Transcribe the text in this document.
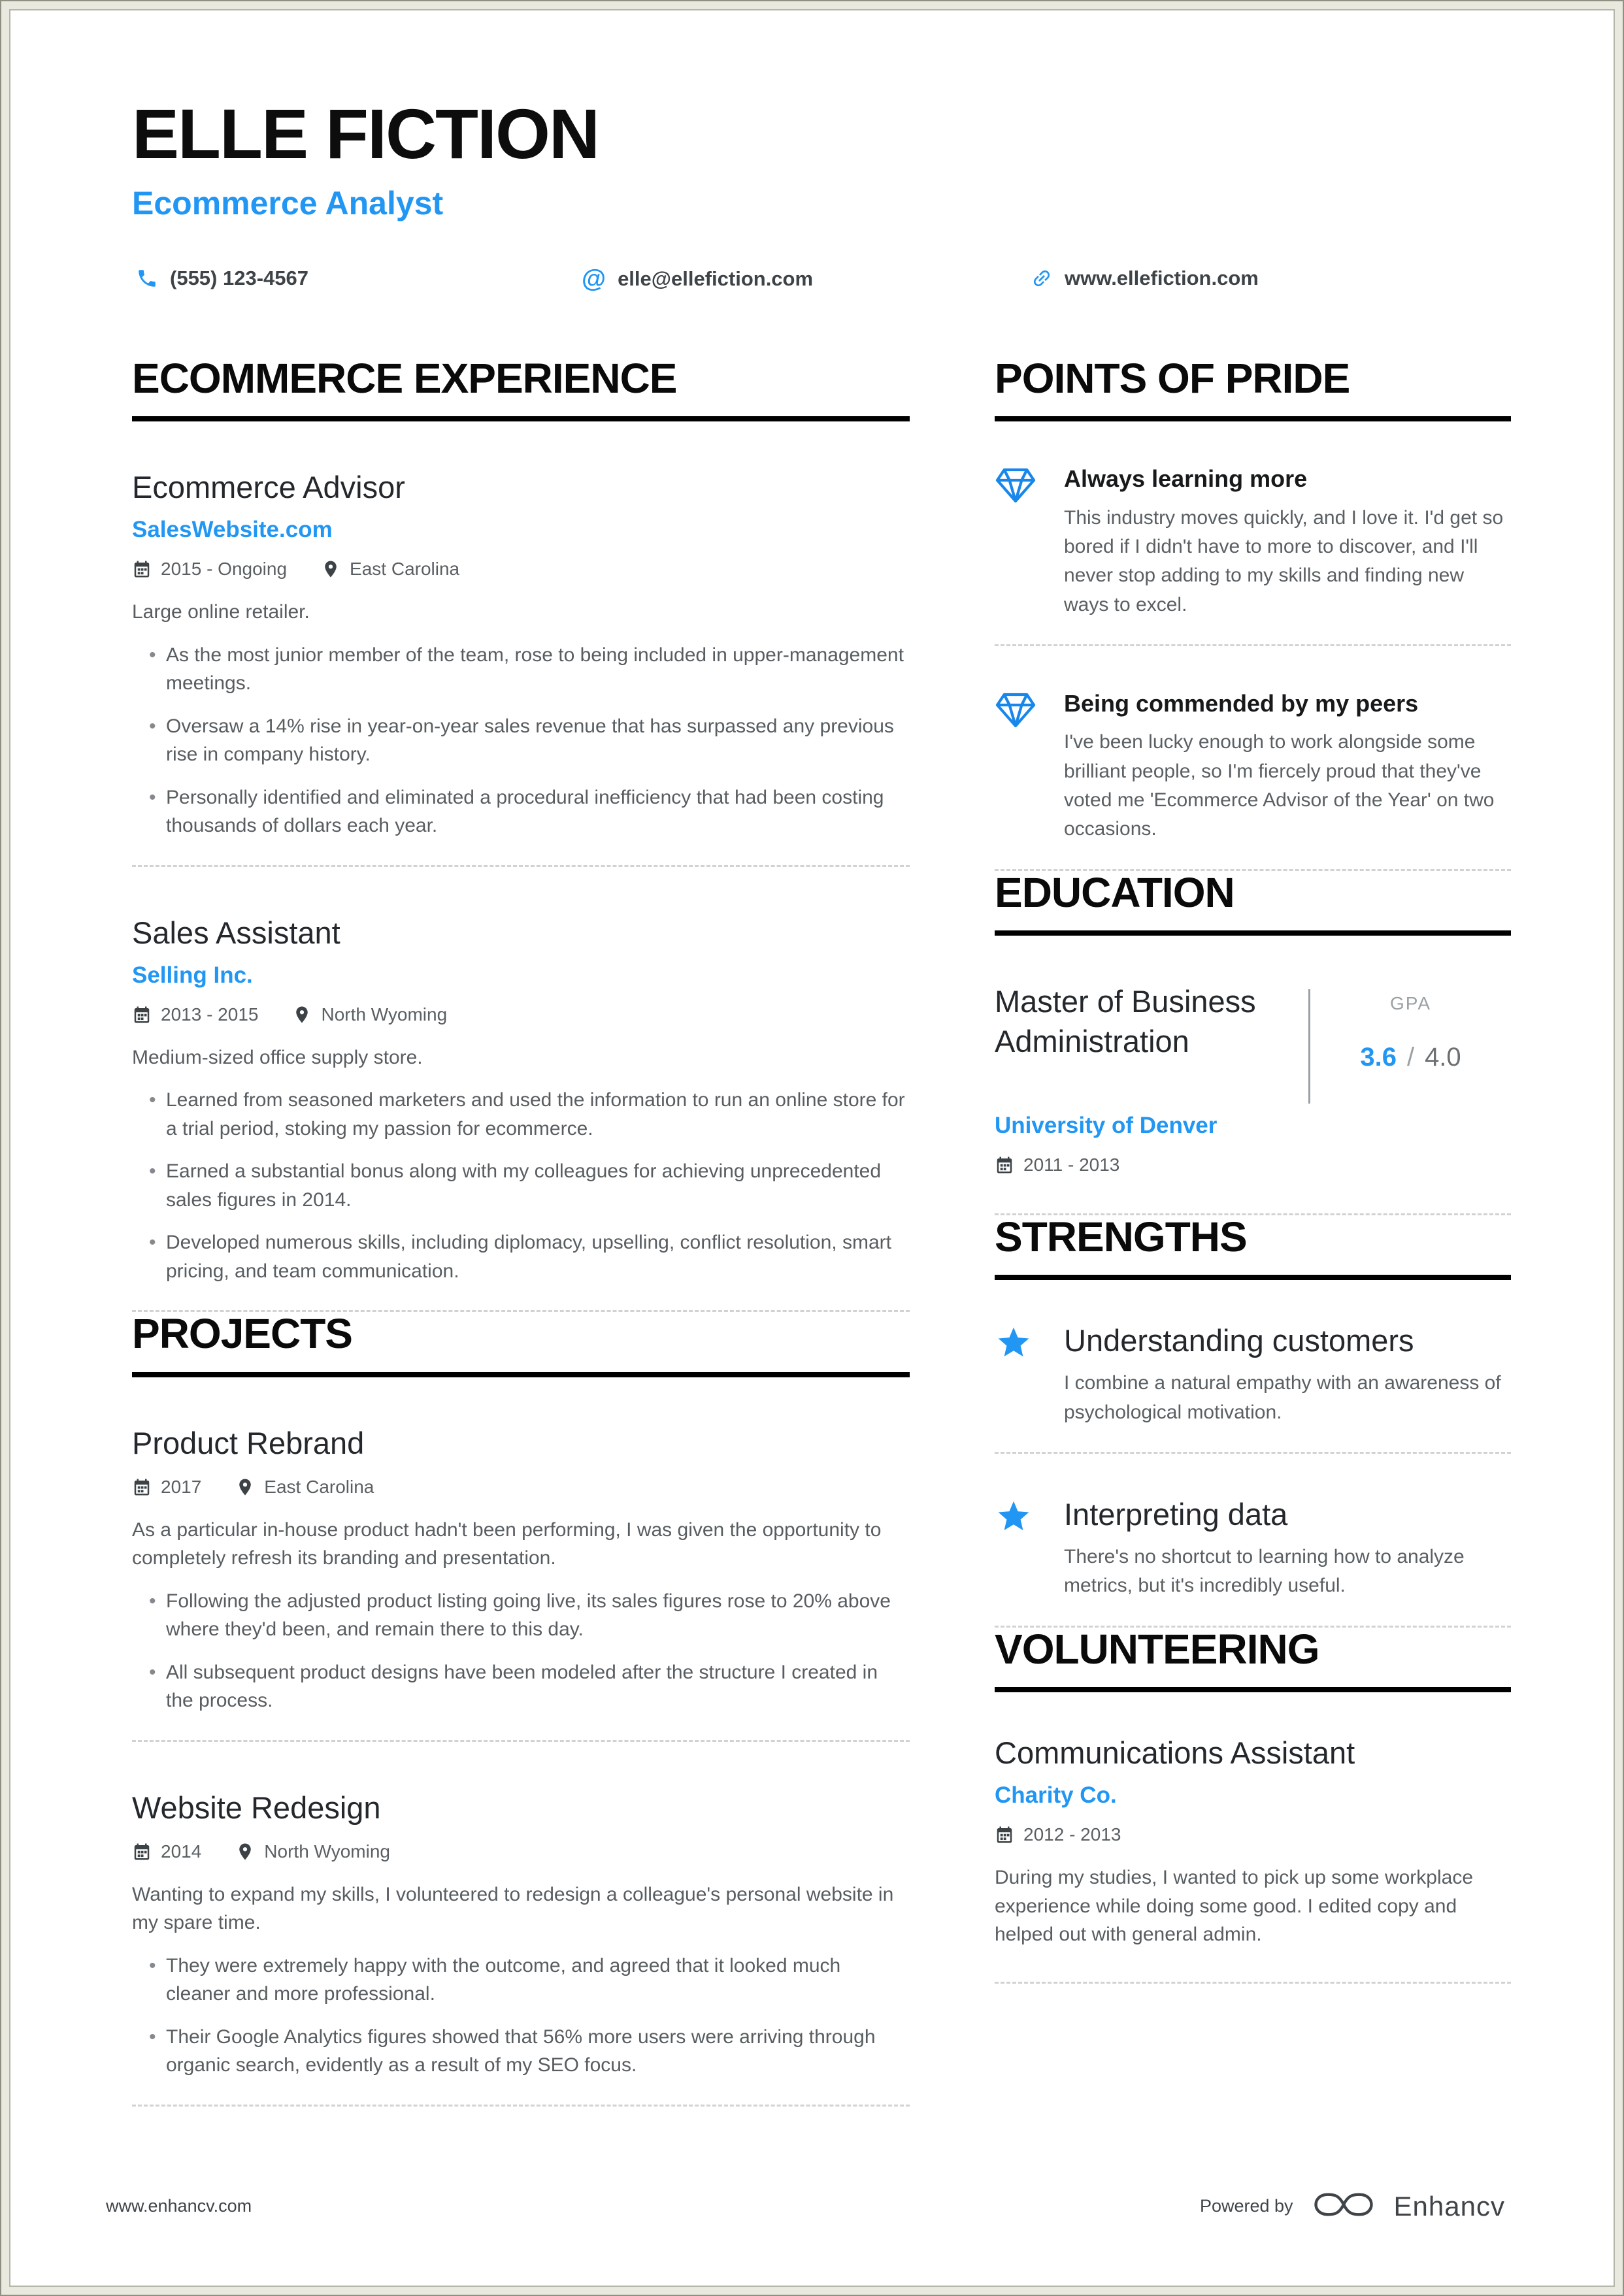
ELLE FICTION
Ecommerce Analyst
(555) 123-4567	@ elle@ellefiction.com	www.ellefiction.com
ECOMMERCE EXPERIENCE
Ecommerce Advisor
SalesWebsite.com
2015 - Ongoing	East Carolina
Large online retailer.
• As the most junior member of the team, rose to being included in upper-management meetings.
• Oversaw a 14% rise in year-on-year sales revenue that has surpassed any previous rise in company history.
• Personally identified and eliminated a procedural inefficiency that had been costing thousands of dollars each year.
Sales Assistant
Selling Inc.
2013 - 2015	North Wyoming
Medium-sized office supply store.
• Learned from seasoned marketers and used the information to run an online store for a trial period, stoking my passion for ecommerce.
• Earned a substantial bonus along with my colleagues for achieving unprecedented sales figures in 2014.
• Developed numerous skills, including diplomacy, upselling, conflict resolution, smart pricing, and team communication.
PROJECTS
Product Rebrand
2017	East Carolina
As a particular in-house product hadn't been performing, I was given the opportunity to completely refresh its branding and presentation.
• Following the adjusted product listing going live, its sales figures rose to 20% above where they'd been, and remain there to this day.
• All subsequent product designs have been modeled after the structure I created in the process.
Website Redesign
2014	North Wyoming
Wanting to expand my skills, I volunteered to redesign a colleague's personal website in my spare time.
• They were extremely happy with the outcome, and agreed that it looked much cleaner and more professional.
• Their Google Analytics figures showed that 56% more users were arriving through organic search, evidently as a result of my SEO focus.
POINTS OF PRIDE
Always learning more
This industry moves quickly, and I love it. I'd get so bored if I didn't have to more to discover, and I'll never stop adding to my skills and finding new ways to excel.
Being commended by my peers
I've been lucky enough to work alongside some brilliant people, so I'm fiercely proud that they've voted me 'Ecommerce Advisor of the Year' on two occasions.
EDUCATION
Master of Business Administration
GPA
3.6 / 4.0
University of Denver
2011 - 2013
STRENGTHS
Understanding customers
I combine a natural empathy with an awareness of psychological motivation.
Interpreting data
There's no shortcut to learning how to analyze metrics, but it's incredibly useful.
VOLUNTEERING
Communications Assistant
Charity Co.
2012 - 2013
During my studies, I wanted to pick up some workplace experience while doing some good. I edited copy and helped out with general admin.
www.enhancv.com	Powered by	Enhancv
